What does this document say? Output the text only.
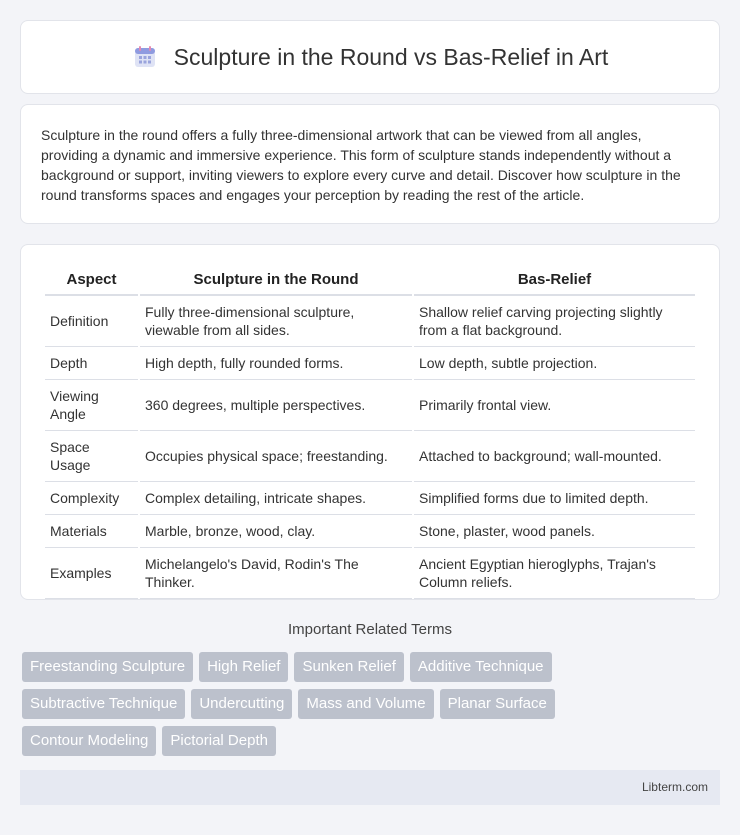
Sculpture in the Round vs Bas-Relief in Art

Sculpture in the round offers a fully three-dimensional artwork that can be viewed from all angles, providing a dynamic and immersive experience. This form of sculpture stands independently without a background or support, inviting viewers to explore every curve and detail. Discover how sculpture in the round transforms spaces and engages your perception by reading the rest of the article.

Aspect	Sculpture in the Round	Bas-Relief
Definition	Fully three-dimensional sculpture, viewable from all sides.	Shallow relief carving projecting slightly from a flat background.
Depth	High depth, fully rounded forms.	Low depth, subtle projection.
Viewing Angle	360 degrees, multiple perspectives.	Primarily frontal view.
Space Usage	Occupies physical space; freestanding.	Attached to background; wall-mounted.
Complexity	Complex detailing, intricate shapes.	Simplified forms due to limited depth.
Materials	Marble, bronze, wood, clay.	Stone, plaster, wood panels.
Examples	Michelangelo's David, Rodin's The Thinker.	Ancient Egyptian hieroglyphs, Trajan's Column reliefs.
Important Related Terms
Freestanding Sculpture	High Relief	Sunken Relief	Additive Technique
Subtractive Technique	Undercutting	Mass and Volume	Planar Surface
Contour Modeling	Pictorial Depth
Libterm.com
